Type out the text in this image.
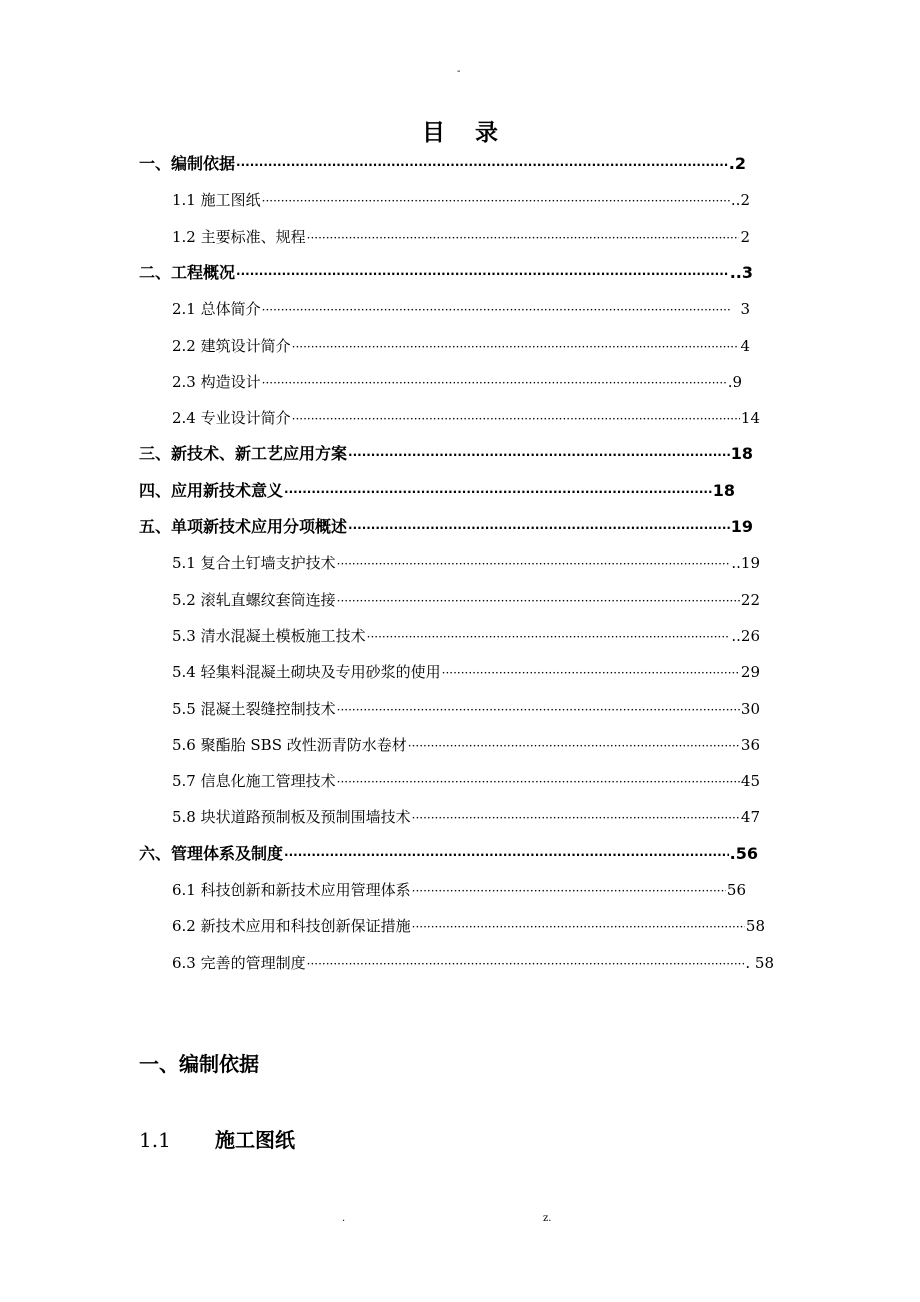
-
目录
一、编制依据 ·····	.2
1.1 施工图纸 ·····	..2
1.2 主要标准、规程 ·····	2
二、工程概况 ·····	..3
2.1 总体简介 ·····	3
2.2 建筑设计简介 ·····	4
2.3 构造设计 ·····	.9
2.4 专业设计简介 ·····	14
三、新技术、新工艺应用方案 ·····	18
四、应用新技术意义 ·····	18
五、单项新技术应用分项概述 ·····	19
5.1 复合土钉墙支护技术 ·····	..19
5.2 滚轧直螺纹套筒连接 ·····	22
5.3 清水混凝土模板施工技术 ·····	..26
5.4 轻集料混凝土砌块及专用砂浆的使用 ·····	29
5.5 混凝土裂缝控制技术 ·····	30
5.6 聚酯胎 SBS 改性沥青防水卷材 ·····	36
5.7 信息化施工管理技术 ·····	45
5.8 块状道路预制板及预制围墙技术 ·····	47
六、管理体系及制度 ·····	.56
6.1 科技创新和新技术应用管理体系 ·····	56
6.2 新技术应用和科技创新保证措施 ·····	58
6.3 完善的管理制度 ·····	. 58
一、编制依据
1.1 施工图纸
.	z.
